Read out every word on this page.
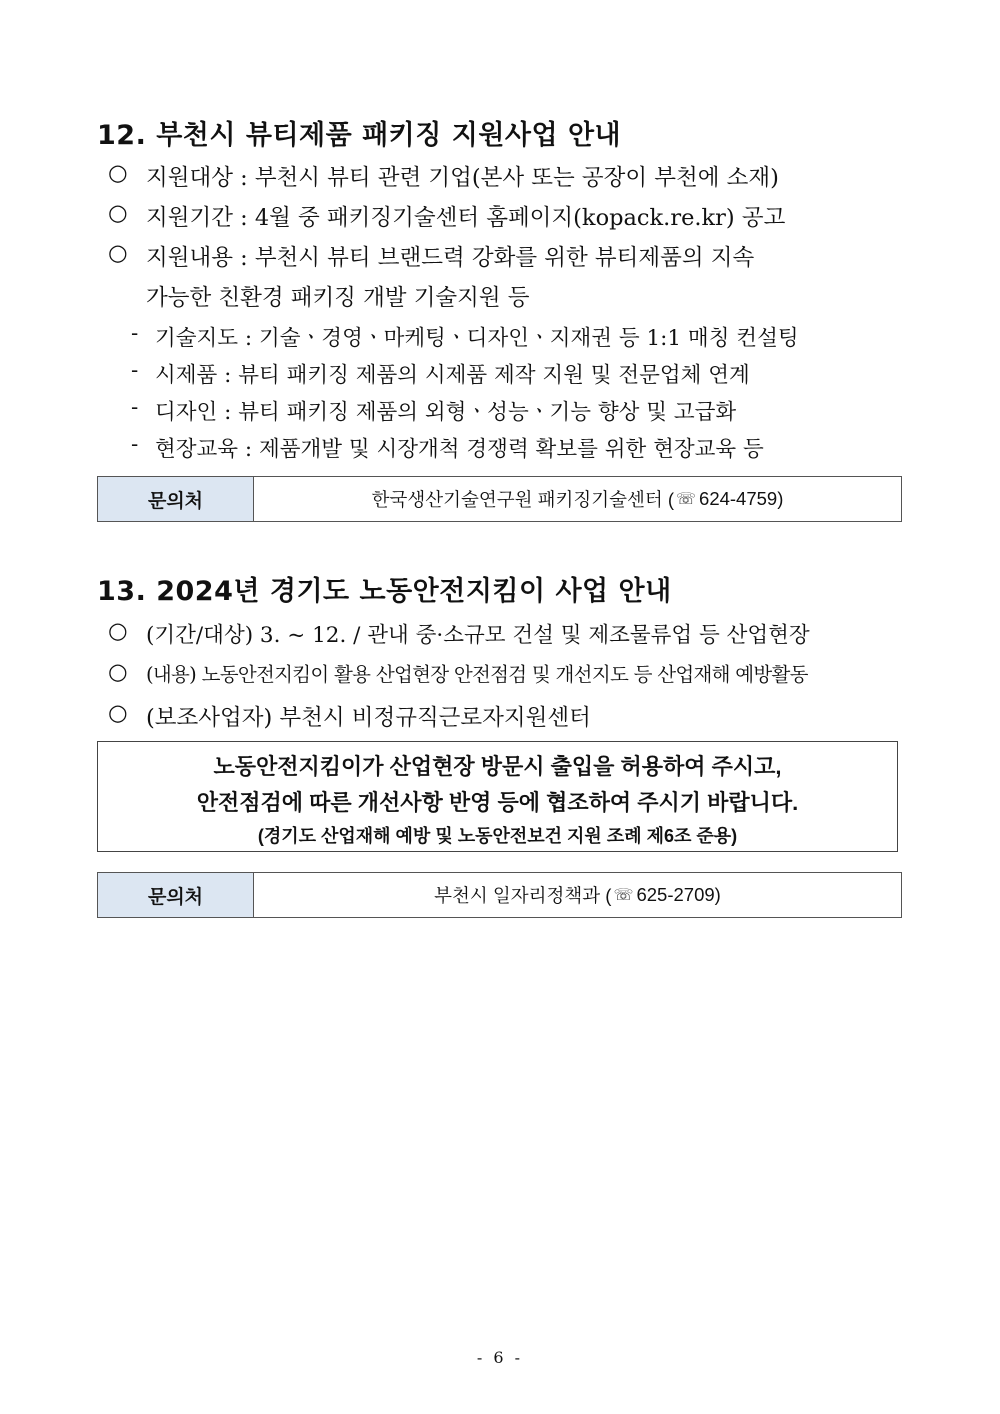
12. 부천시 뷰티제품 패키징 지원사업 안내
○ 지원대상 : 부천시 뷰티 관련 기업(본사 또는 공장이 부천에 소재)
○ 지원기간 : 4월 중 패키징기술센터 홈페이지(kopack.re.kr) 공고
○ 지원내용 : 부천시 뷰티 브랜드력 강화를 위한 뷰티제품의 지속
가능한 친환경 패키징 개발 기술지원 등
- 기술지도 : 기술ㆍ경영ㆍ마케팅ㆍ디자인ㆍ지재권 등 1:1 매칭 컨설팅
- 시제품 : 뷰티 패키징 제품의 시제품 제작 지원 및 전문업체 연계
- 디자인 : 뷰티 패키징 제품의 외형ㆍ성능ㆍ기능 향상 및 고급화
- 현장교육 : 제품개발 및 시장개척 경쟁력 확보를 위한 현장교육 등
문의처	한국생산기술연구원 패키징기술센터 ( ☏ 624-4759)
13. 2024년 경기도 노동안전지킴이 사업 안내
○ (기간/대상) 3. ~ 12. / 관내 중·소규모 건설 및 제조물류업 등 산업현장
○ (내용) 노동안전지킴이 활용 산업현장 안전점검 및 개선지도 등 산업재해 예방활동
○ (보조사업자) 부천시 비정규직근로자지원센터
노동안전지킴이가 산업현장 방문시 출입을 허용하여 주시고,
안전점검에 따른 개선사항 반영 등에 협조하여 주시기 바랍니다.
(경기도 산업재해 예방 및 노동안전보건 지원 조례 제6조 준용)
문의처	부천시 일자리정책과 ( ☏ 625-2709)
- 6 -
